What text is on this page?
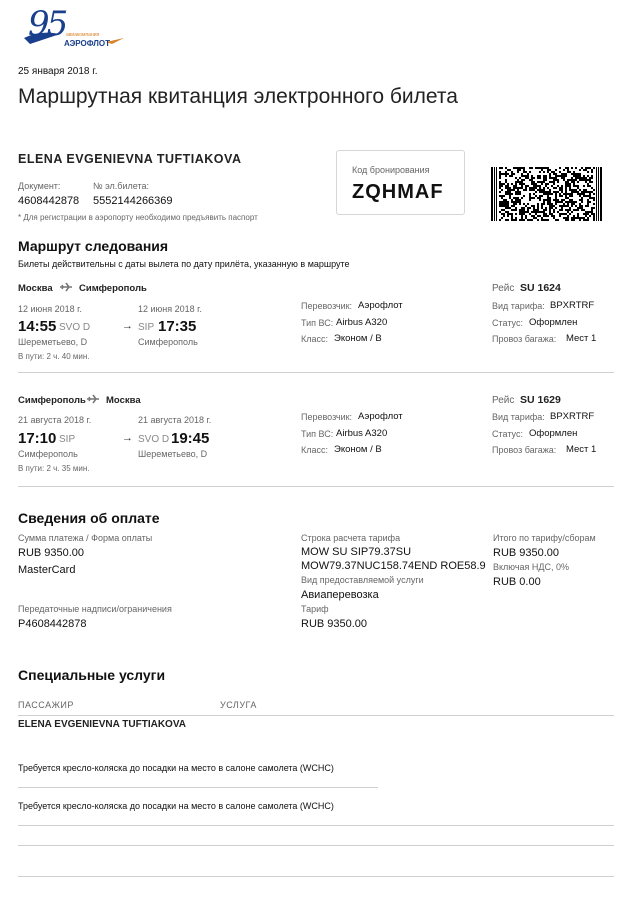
95 авиакомпания
АЭРОФЛОТ
25 января 2018 г.
Маршрутная квитанция электронного билета
ELENA EVGENIEVNA TUFTIAKOVA
Документ:
4608442878
№ эл.билета:
5552144266369
* Для регистрации в аэропорту необходимо предъявить паспорт
Код бронирования
ZQHMAF
Маршрут следования
Билеты действительны с даты вылета по дату прилёта, указанную в маршруте
Москва	Симферополь
12 июня 2018 г.	12 июня 2018 г.
14:55 SVO D	→ SIP 17:35
Шереметьево, D	Симферополь
В пути: 2 ч. 40 мин.
Перевозчик: Аэрофлот
Тип ВС: Airbus A320
Класс: Эконом / B
Рейс SU 1624
Вид тарифа: BPXRTRF
Статус: Оформлен
Провоз багажа: Мест 1
Симферополь Москва
21 августа 2018 г.	21 августа 2018 г.
17:10 SIP	→ SVO D 19:45
Симферополь	Шереметьево, D
В пути: 2 ч. 35 мин.
Перевозчик: Аэрофлот
Тип ВС: Airbus A320
Класс: Эконом / B
Рейс SU 1629
Вид тарифа: BPXRTRF
Статус: Оформлен
Провоз багажа: Мест 1
Сведения об оплате
Сумма платежа / Форма оплаты
RUB 9350.00
MasterCard
Передаточные надписи/ограничения
P4608442878
Строка расчета тарифа
MOW SU SIP79.37SU
MOW79.37NUC158.74END ROE58.9
Вид предоставляемой услуги
Авиаперевозка
Тариф
RUB 9350.00
Итого по тарифу/сборам
RUB 9350.00
Включая НДС, 0%
RUB 0.00
Специальные услуги
ПАССАЖИР	УСЛУГА
ELENA EVGENIEVNA TUFTIAKOVA
Требуется кресло-коляска до посадки на место в салоне самолета (WCHC)
Требуется кресло-коляска до посадки на место в салоне самолета (WCHC)
